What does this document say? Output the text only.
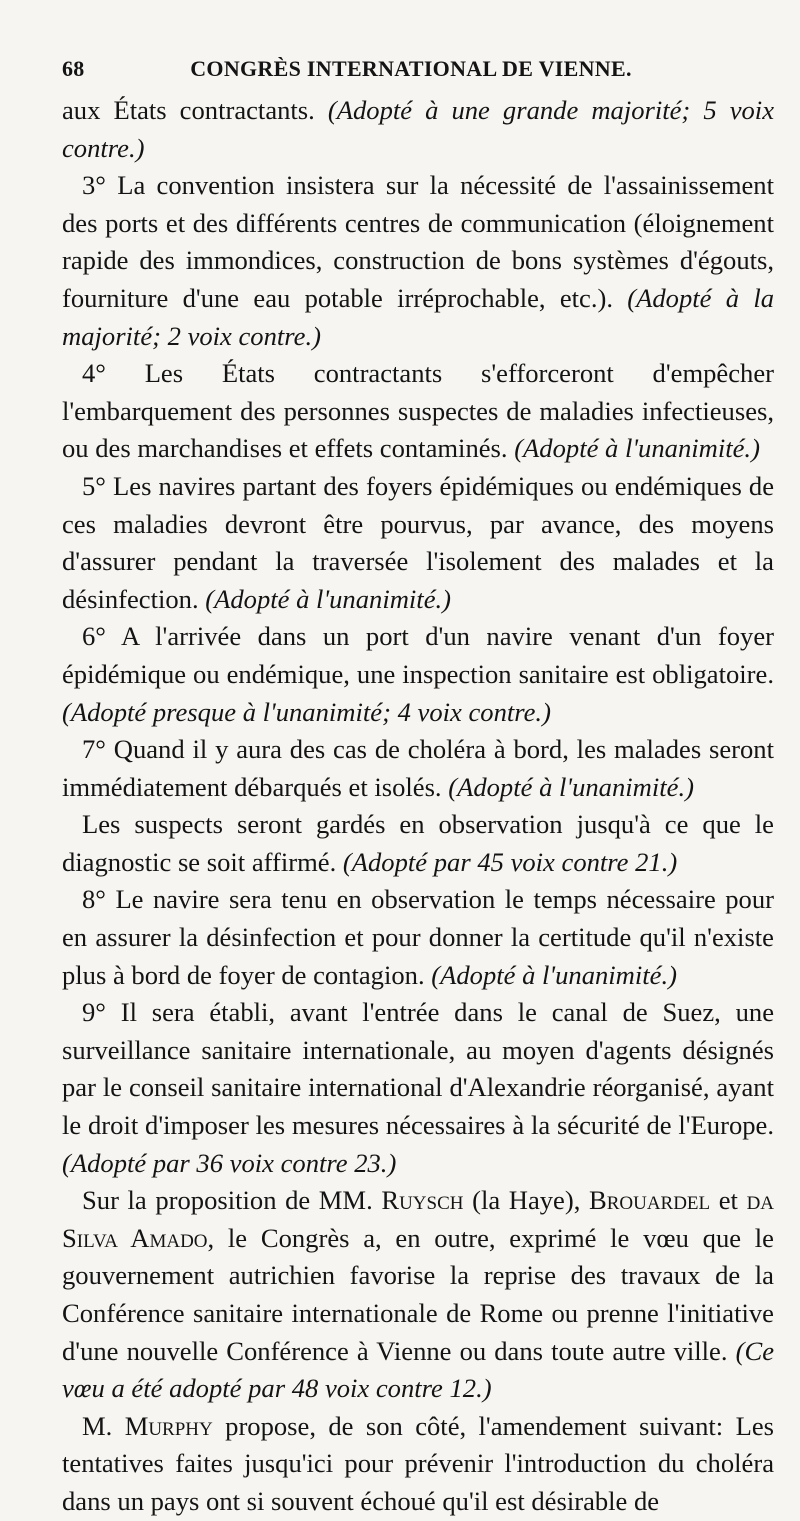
68	CONGRÈS INTERNATIONAL DE VIENNE.

aux États contractants. (Adopté à une grande majorité; 5 voix contre.)

3° La convention insistera sur la nécessité de l'assainissement des ports et des différents centres de communication (éloignement rapide des immondices, construction de bons systèmes d'égouts, fourniture d'une eau potable irréprochable, etc.). (Adopté à la majorité; 2 voix contre.)

4° Les États contractants s'efforceront d'empêcher l'embarquement des personnes suspectes de maladies infectieuses, ou des marchandises et effets contaminés. (Adopté à l'unanimité.)

5° Les navires partant des foyers épidémiques ou endémiques de ces maladies devront être pourvus, par avance, des moyens d'assurer pendant la traversée l'isolement des malades et la désinfection. (Adopté à l'unanimité.)

6° A l'arrivée dans un port d'un navire venant d'un foyer épidémique ou endémique, une inspection sanitaire est obligatoire. (Adopté presque à l'unanimité; 4 voix contre.)

7° Quand il y aura des cas de choléra à bord, les malades seront immédiatement débarqués et isolés. (Adopté à l'unanimité.)

Les suspects seront gardés en observation jusqu'à ce que le diagnostic se soit affirmé. (Adopté par 45 voix contre 21.)

8° Le navire sera tenu en observation le temps nécessaire pour en assurer la désinfection et pour donner la certitude qu'il n'existe plus à bord de foyer de contagion. (Adopté à l'unanimité.)

9° Il sera établi, avant l'entrée dans le canal de Suez, une surveillance sanitaire internationale, au moyen d'agents désignés par le conseil sanitaire international d'Alexandrie réorganisé, ayant le droit d'imposer les mesures nécessaires à la sécurité de l'Europe. (Adopté par 36 voix contre 23.)

Sur la proposition de MM. Ruysch (la Haye), Brouardel et da Silva Amado, le Congrès a, en outre, exprimé le vœu que le gouvernement autrichien favorise la reprise des travaux de la Conférence sanitaire internationale de Rome ou prenne l'initiative d'une nouvelle Conférence à Vienne ou dans toute autre ville. (Ce vœu a été adopté par 48 voix contre 12.)

M. Murphy propose, de son côté, l'amendement suivant: Les tentatives faites jusqu'ici pour prévenir l'introduction du choléra dans un pays ont si souvent échoué qu'il est désirable de
